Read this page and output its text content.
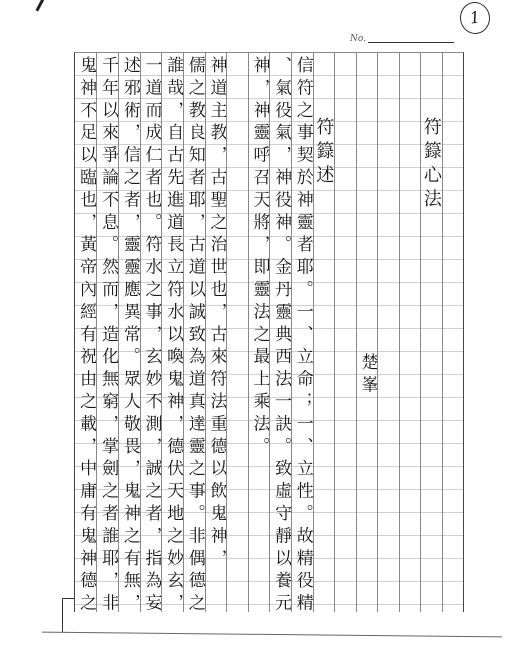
1
No.
符籙心法
楚峯
符籙述
信符之事契於神靈者耶。一、立命；一、立性。故精役精
、氣役氣，神役神。金丹靈典西法一訣。致虛守靜以養元
神，神靈呼召天將，即靈法之最上乘法。
神道主教，古聖之治世也，古來符法重德以飲鬼神，
儒之教良知者耶，古道以誠致為道真達靈之事。非偶德之
誰哉，自古先進道長立符水以喚鬼神，德伏天地之妙玄，
一道而成仁者也。符水之事，玄妙不測，誠之者，指為妄
述邪術，信之者，靈靈應異常。眾人敬畏，鬼神之有無，
千年以來爭論不息。然而，造化無窮，掌劍之者誰耶，非
鬼神不足以臨也，黃帝內經有祝由之載，中庸有鬼神德之
